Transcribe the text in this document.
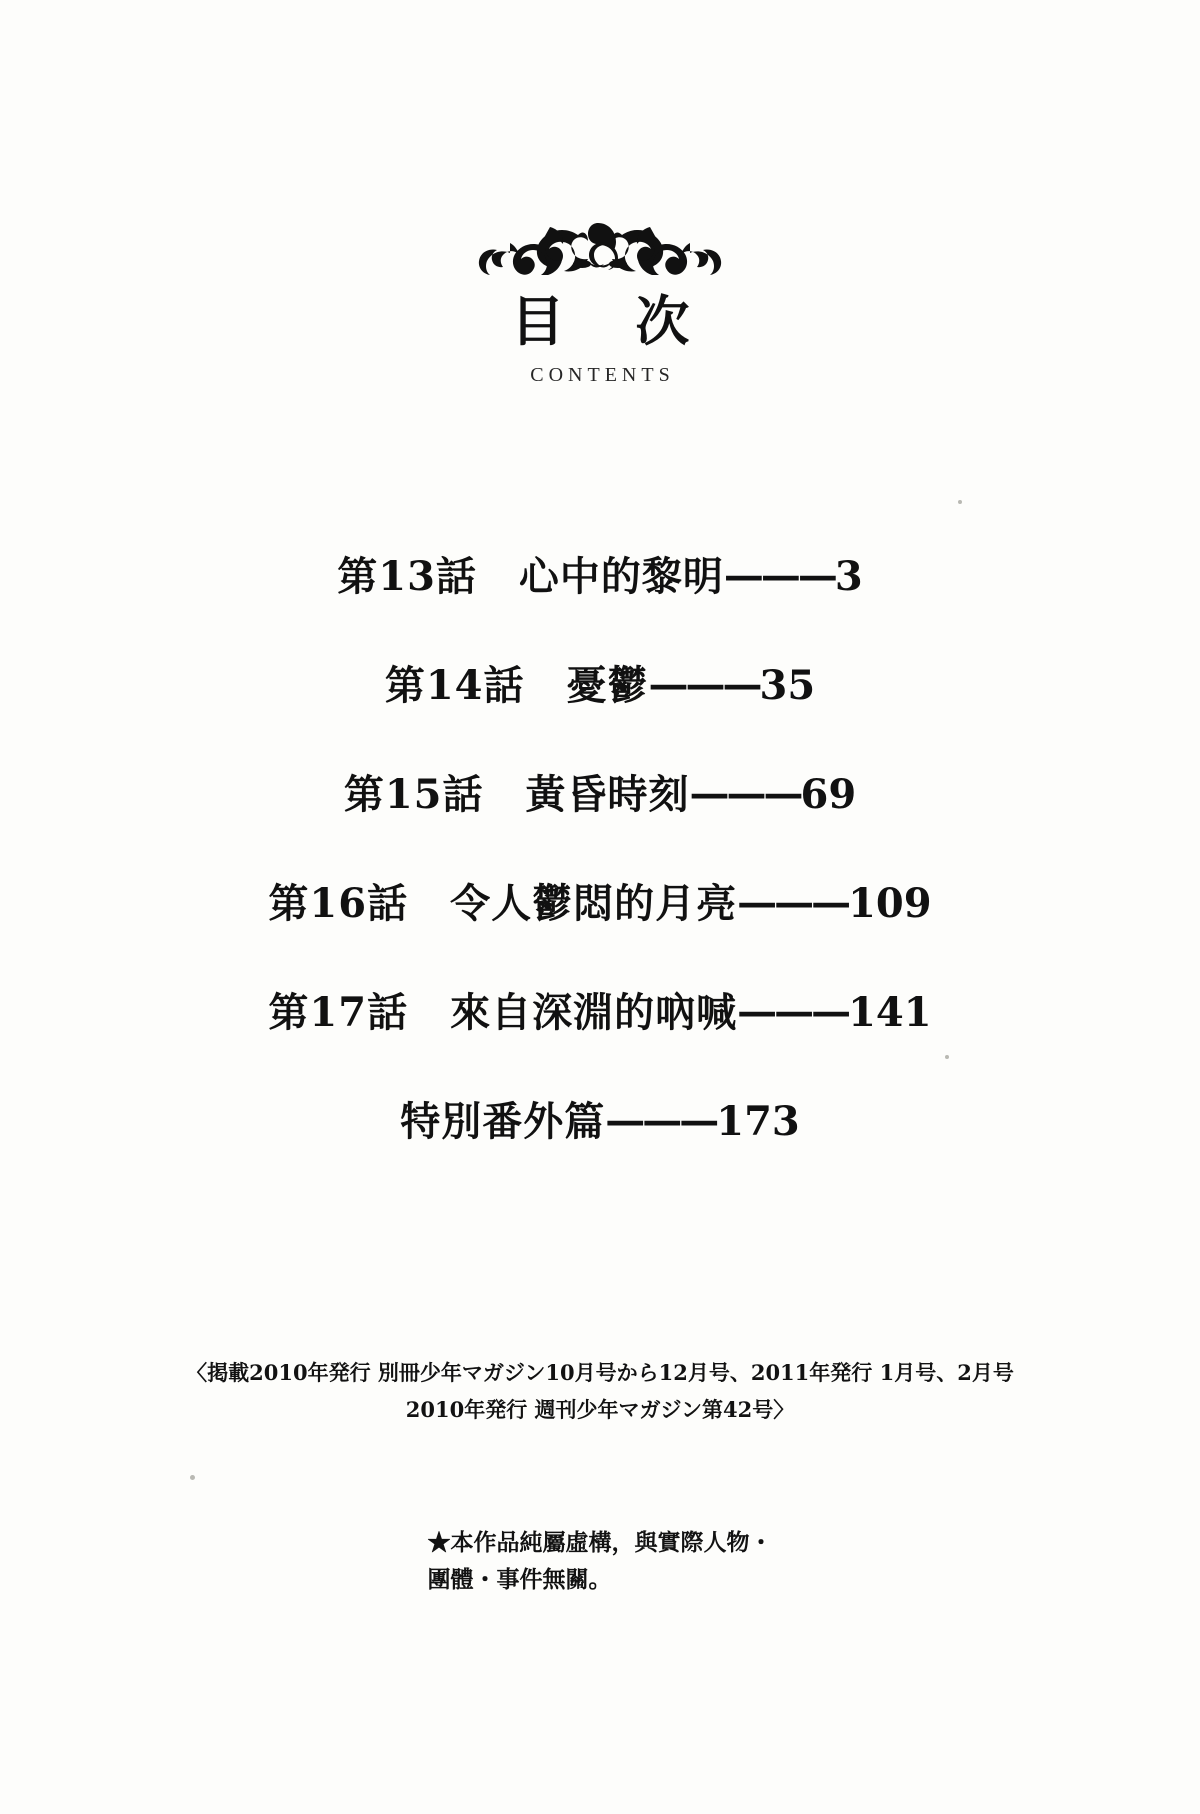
目 次
CONTENTS
第13話 心中的黎明 ——— 3
第14話 憂鬱 ——— 35
第15話 黃昏時刻 ——— 69
第16話 令人鬱悶的月亮 ——— 109
第17話 來自深淵的吶喊 ——— 141
特別番外篇 ——— 173
〈掲載2010年発行 別冊少年マガジン10月号から12月号、2011年発行 1月号、2月号
2010年発行 週刊少年マガジン第42号〉
★本作品純屬虛構，與實際人物・
團體・事件無關。
